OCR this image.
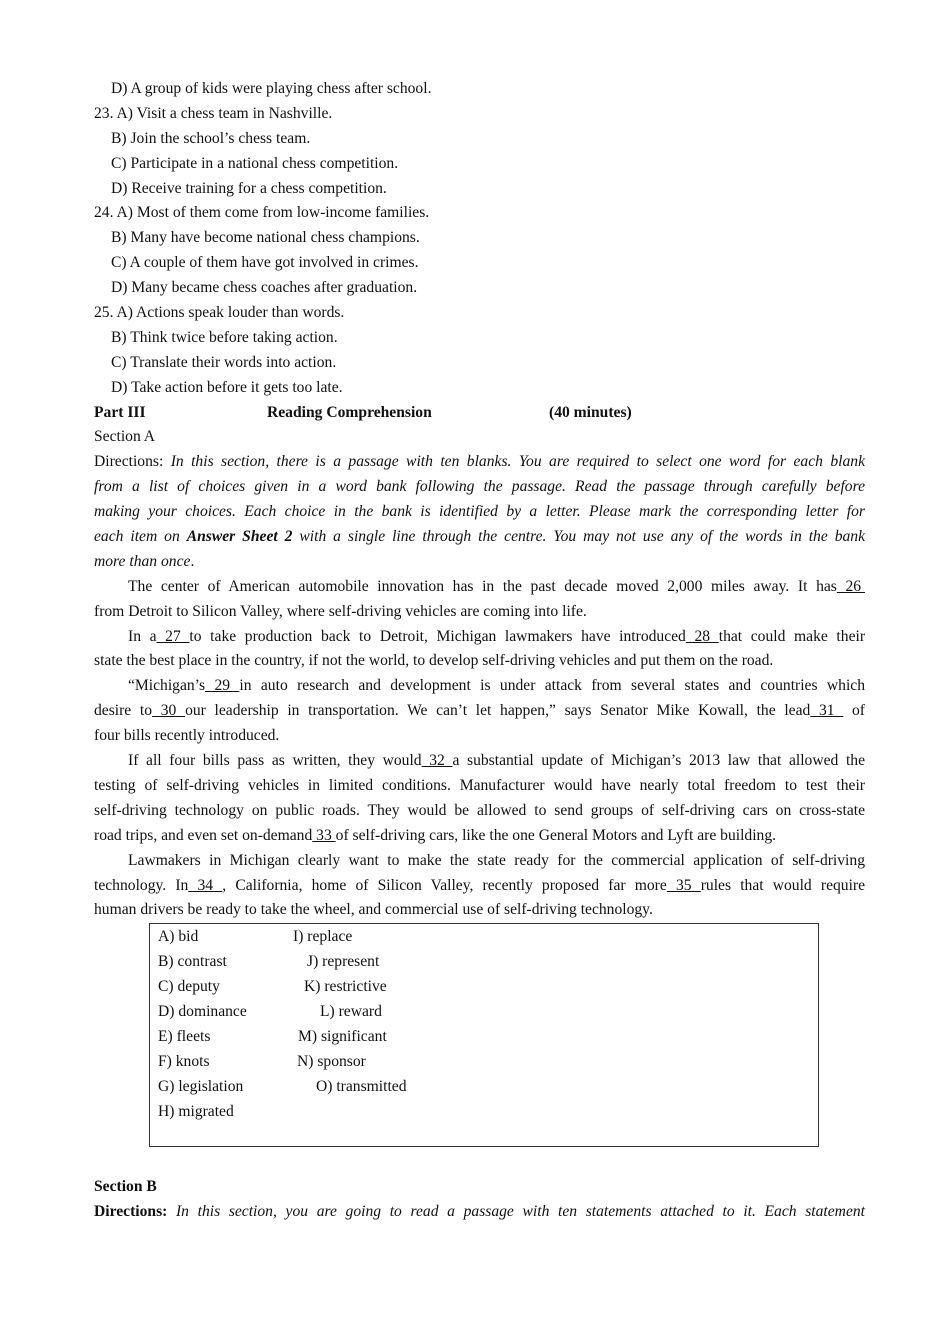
D) A group of kids were playing chess after school.
23. A) Visit a chess team in Nashville.
B) Join the school’s chess team.
C) Participate in a national chess competition.
D) Receive training for a chess competition.
24. A) Most of them come from low-income families.
B) Many have become national chess champions.
C) A couple of them have got involved in crimes.
D) Many became chess coaches after graduation.
25. A) Actions speak louder than words.
B) Think twice before taking action.
C) Translate their words into action.
D) Take action before it gets too late.
Part III	Reading Comprehension	(40 minutes)
Section A
Directions: In this section, there is a passage with ten blanks. You are required to select one word for each blank
from a list of choices given in a word bank following the passage. Read the passage through carefully before
making your choices. Each choice in the bank is identified by a letter. Please mark the corresponding letter for
each item on Answer Sheet 2 with a single line through the centre. You may not use any of the words in the bank
more than once.
The center of American automobile innovation has in the past decade moved 2,000 miles away. It has 26
from Detroit to Silicon Valley, where self-driving vehicles are coming into life.
In a 27 to take production back to Detroit, Michigan lawmakers have introduced 28 that could make their
state the best place in the country, if not the world, to develop self-driving vehicles and put them on the road.
“Michigan’s 29 in auto research and development is under attack from several states and countries which
desire to 30 our leadership in transportation. We can’t let happen,” says Senator Mike Kowall, the lead 31  of
four bills recently introduced.
If all four bills pass as written, they would 32 a substantial update of Michigan’s 2013 law that allowed the
testing of self-driving vehicles in limited conditions. Manufacturer would have nearly total freedom to test their
self-driving technology on public roads. They would be allowed to send groups of self-driving cars on cross-state
road trips, and even set on-demand 33 of self-driving cars, like the one General Motors and Lyft are building.
Lawmakers in Michigan clearly want to make the state ready for the commercial application of self-driving
technology. In 34 , California, home of Silicon Valley, recently proposed far more 35 rules that would require
human drivers be ready to take the wheel, and commercial use of self-driving technology.
A) bid
B) contrast
C) deputy
D) dominance
E) fleets
F) knots
G) legislation
H) migrated
I) replace
J) represent
K) restrictive
L) reward
M) significant
N) sponsor
O) transmitted
Section B
Directions: In this section, you are going to read a passage with ten statements attached to it. Each statement
